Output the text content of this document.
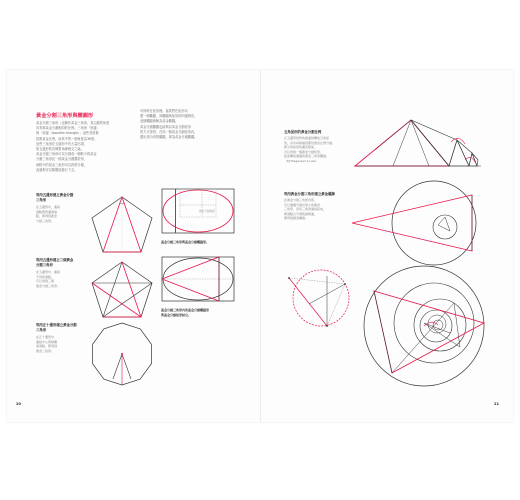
黃金分割三角形與橢圓形
黃金分割三角形（也稱作黃金三角形，其尖端的角度
具有與黃金分割相同的比例。三角形「底邊」
與「斜邊（isoceles triangle）」這些長度都
按照黃金比例，而其中的一個角度為36度。
這些三角形在五邊形中有大量出現，
如五邊形的各條對角線相交之處。
黃金分割三角形可以分割成一個較小的黃金
分割三角形及一個黃金分割磬折形，
而較小的黃金三角形可以再度分割，
此過程可以無限地進行下去。
可同時在矩形裡。當我們在矩形內
畫一個橢圓，該橢圓與矩形的四邊相切，
這個橢圓就稱為黃金橢圓。
黃金分割橢圓也能夠以黃金分割矩形
的方式得到，在同一個黃金分割矩形內，
畫出其內切的橢圓，即為黃金分割橢圓。
利用五邊形建立黃金分割
三角形
在五邊形中，連接
頂點與對邊兩端
點，即得到黃金
分割三角形。
利用五邊形建立三個黃金
分割三角形
在五邊形中，連接
不同的頂點，
可以得到三個
黃金分割三角形。
利用正十邊形建立黃金分割
三角形
在正十邊形中，
連接中心與相鄰
兩頂點，即得到
黃金三角形。
黃金分割橢圓
黃金分割三角形與黃金分割橢圓形。
黃金分割三角形內的黃金分割橢圓形
與黃金分割矩形結合。
20
五角星形的黃金分割比例
正五邊形的對角線連結構成五角星
形，其中每條線段都依黃金比例分割。
將五角星形的邊長相加，
可以得到一個黃金分割矩形，
從而構成連續的黃金三角形螺旋。
（Pythagorean's Law）
利用黃金分割三角形建立黃金螺線
在黃金分割三角形內部，
可以連續分割出更小的黃金
三角形，這些三角形連接起來，
將頂點以平滑弧線相連，
便得到黃金螺線。
21
